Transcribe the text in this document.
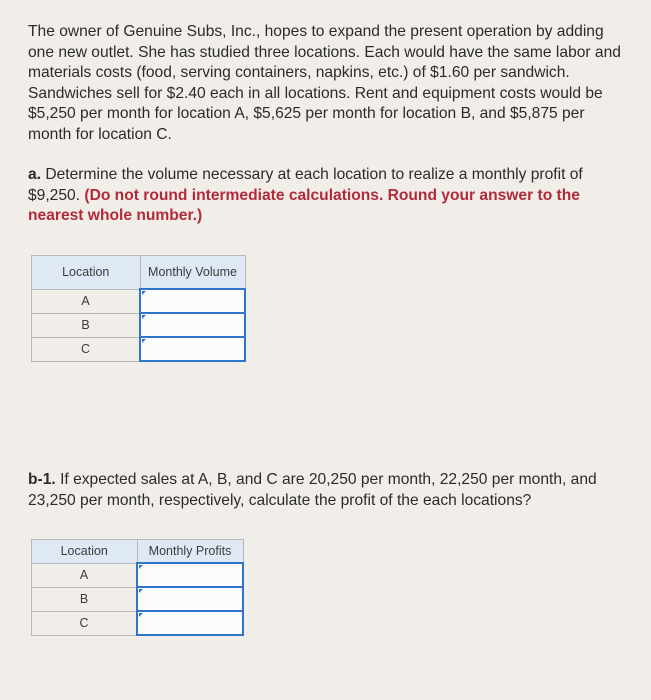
The owner of Genuine Subs, Inc., hopes to expand the present operation by adding one new outlet. She has studied three locations. Each would have the same labor and materials costs (food, serving containers, napkins, etc.) of $1.60 per sandwich. Sandwiches sell for $2.40 each in all locations. Rent and equipment costs would be $5,250 per month for location A, $5,625 per month for location B, and $5,875 per month for location C.
a. Determine the volume necessary at each location to realize a monthly profit of $9,250. (Do not round intermediate calculations. Round your answer to the nearest whole number.)
Location	Monthly Volume
A	
B	
C	
b-1. If expected sales at A, B, and C are 20,250 per month, 22,250 per month, and 23,250 per month, respectively, calculate the profit of the each locations?
Location	Monthly Profits
A	
B	
C	
